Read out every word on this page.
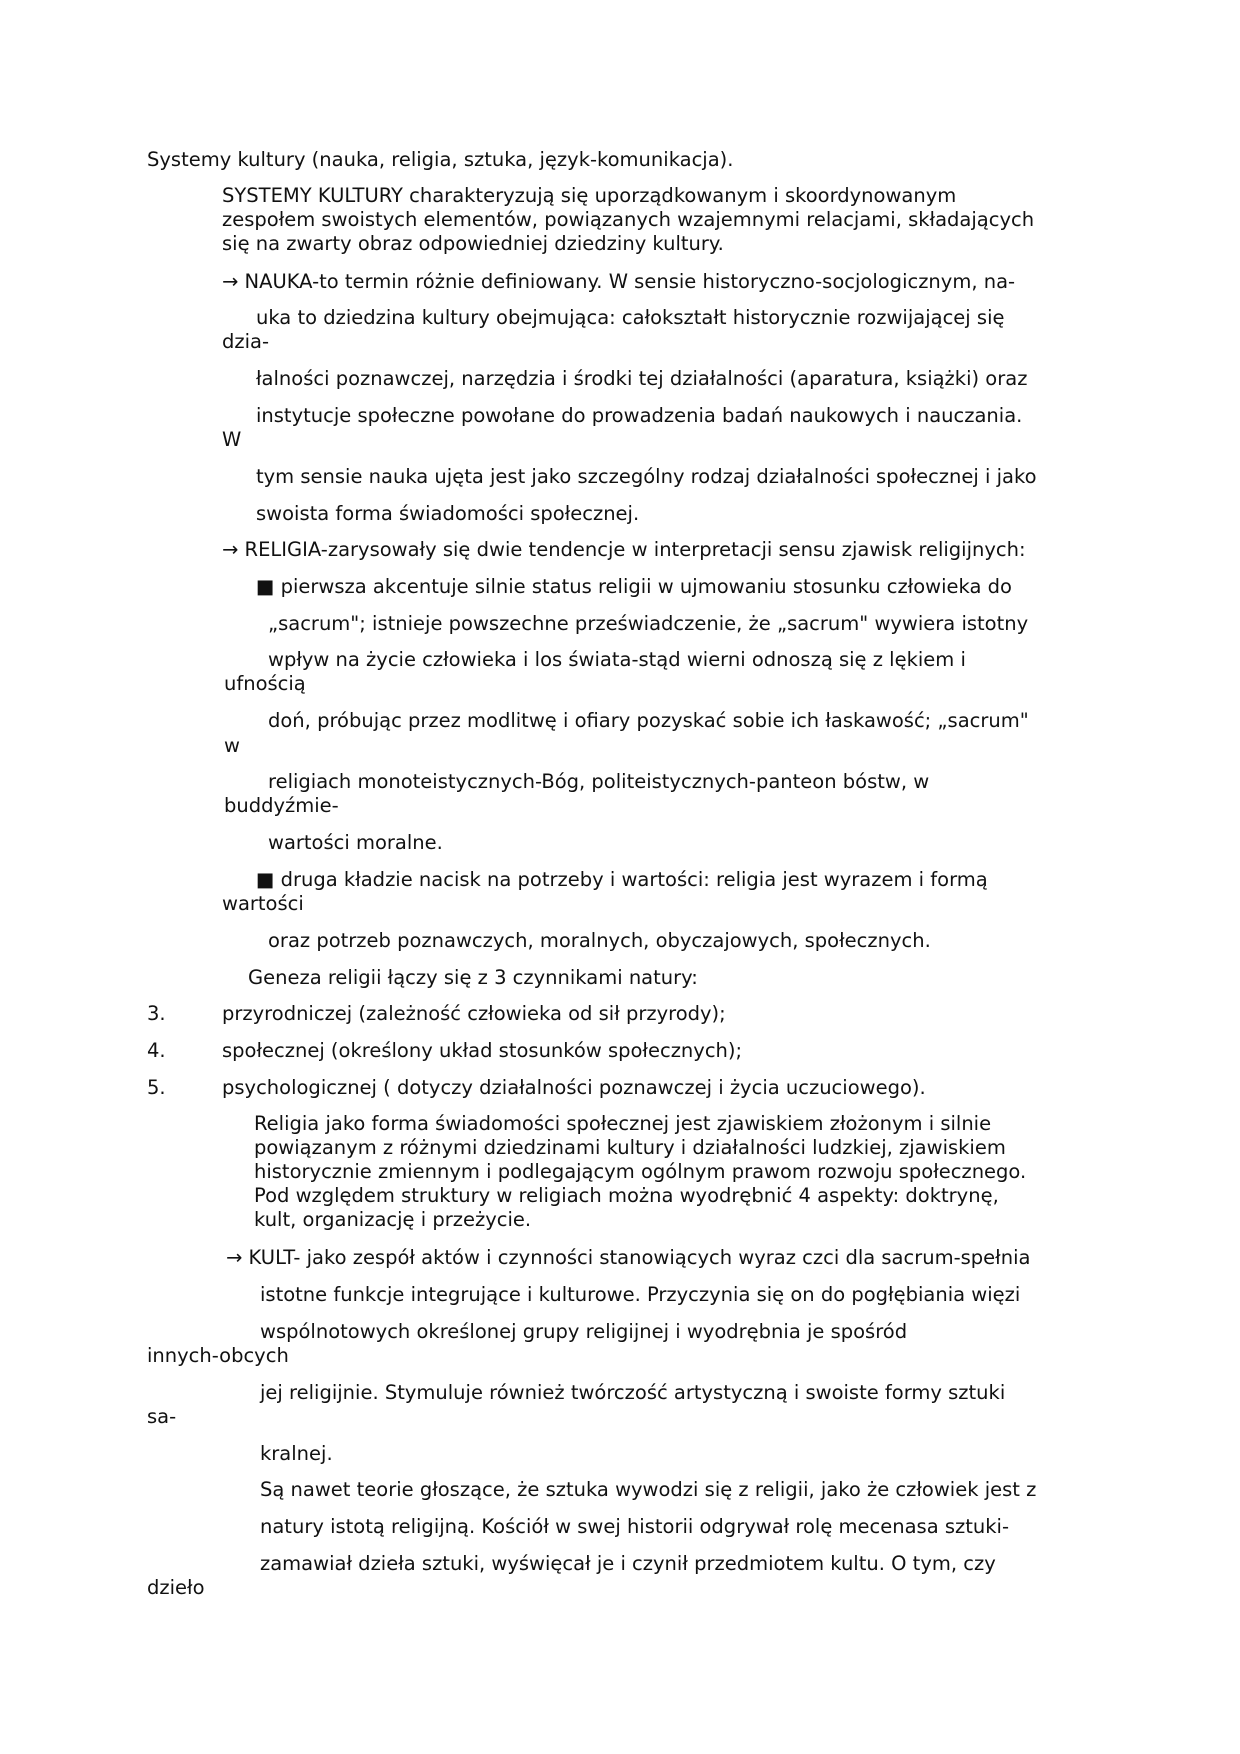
Systemy kultury (nauka, religia, sztuka, język-komunikacja).
SYSTEMY KULTURY charakteryzują się uporządkowanym i skoordynowanym
zespołem swoistych elementów, powiązanych wzajemnymi relacjami, składających
się na zwarty obraz odpowiedniej dziedziny kultury.
→ NAUKA-to termin różnie definiowany. W sensie historyczno-socjologicznym, na-
uka to dziedzina kultury obejmująca: całokształt historycznie rozwijającej się
dzia-
łalności poznawczej, narzędzia i środki tej działalności (aparatura, książki) oraz
instytucje społeczne powołane do prowadzenia badań naukowych i nauczania.
W
tym sensie nauka ujęta jest jako szczególny rodzaj działalności społecznej i jako
swoista forma świadomości społecznej.
→ RELIGIA-zarysowały się dwie tendencje w interpretacji sensu zjawisk religijnych:
■ pierwsza akcentuje silnie status religii w ujmowaniu stosunku człowieka do
„sacrum"; istnieje powszechne przeświadczenie, że „sacrum" wywiera istotny
wpływ na życie człowieka i los świata-stąd wierni odnoszą się z lękiem i
ufnością
doń, próbując przez modlitwę i ofiary pozyskać sobie ich łaskawość; „sacrum"
w
religiach monoteistycznych-Bóg, politeistycznych-panteon bóstw, w
buddyźmie-
wartości moralne.
■ druga kładzie nacisk na potrzeby i wartości: religia jest wyrazem i formą
wartości
oraz potrzeb poznawczych, moralnych, obyczajowych, społecznych.
Geneza religii łączy się z 3 czynnikami natury:
3.	przyrodniczej (zależność człowieka od sił przyrody);
4.	społecznej (określony układ stosunków społecznych);
5.	psychologicznej ( dotyczy działalności poznawczej i życia uczuciowego).
Religia jako forma świadomości społecznej jest zjawiskiem złożonym i silnie
powiązanym z różnymi dziedzinami kultury i działalności ludzkiej, zjawiskiem
historycznie zmiennym i podlegającym ogólnym prawom rozwoju społecznego.
Pod względem struktury w religiach można wyodrębnić 4 aspekty: doktrynę,
kult, organizację i przeżycie.
→ KULT- jako zespół aktów i czynności stanowiących wyraz czci dla sacrum-spełnia
istotne funkcje integrujące i kulturowe. Przyczynia się on do pogłębiania więzi
wspólnotowych określonej grupy religijnej i wyodrębnia je spośród
innych-obcych
jej religijnie. Stymuluje również twórczość artystyczną i swoiste formy sztuki
sa-
kralnej.
Są nawet teorie głoszące, że sztuka wywodzi się z religii, jako że człowiek jest z
natury istotą religijną. Kościół w swej historii odgrywał rolę mecenasa sztuki-
zamawiał dzieła sztuki, wyświęcał je i czynił przedmiotem kultu. O tym, czy
dzieło
